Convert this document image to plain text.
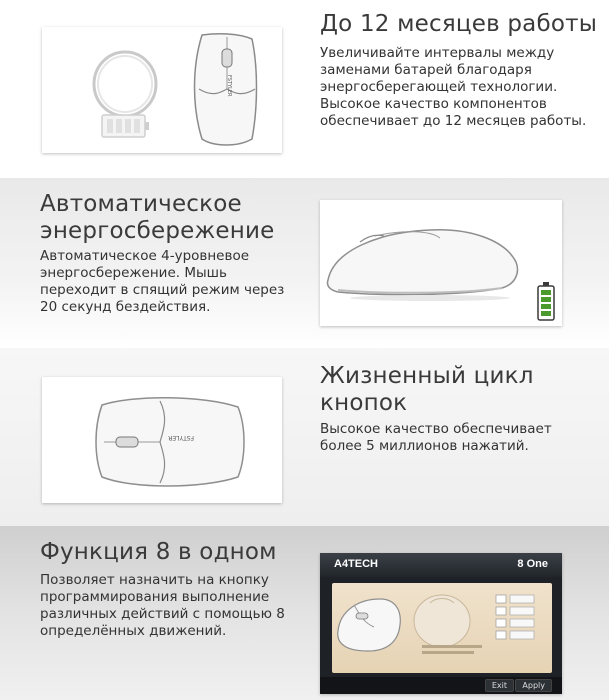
FSTYLER
До 12 месяцев работы

Увеличивайте интервалы между заменами батарей благодаря энергосберегающей технологии. Высокое качество компонентов обеспечивает до 12 месяцев работы.

Автоматическое энергосбережение

Автоматическое 4-уровневое энергосбережение. Мышь переходит в спящий режим через 20 секунд бездействия.

FSTYLER
Жизненный цикл кнопок

Высокое качество обеспечивает более 5 миллионов нажатий.

Функция 8 в одном

Позволяет назначить на кнопку программирования выполнение различных действий с помощью 8 определённых движений.

A4TECH	8 One
Exit	Apply
